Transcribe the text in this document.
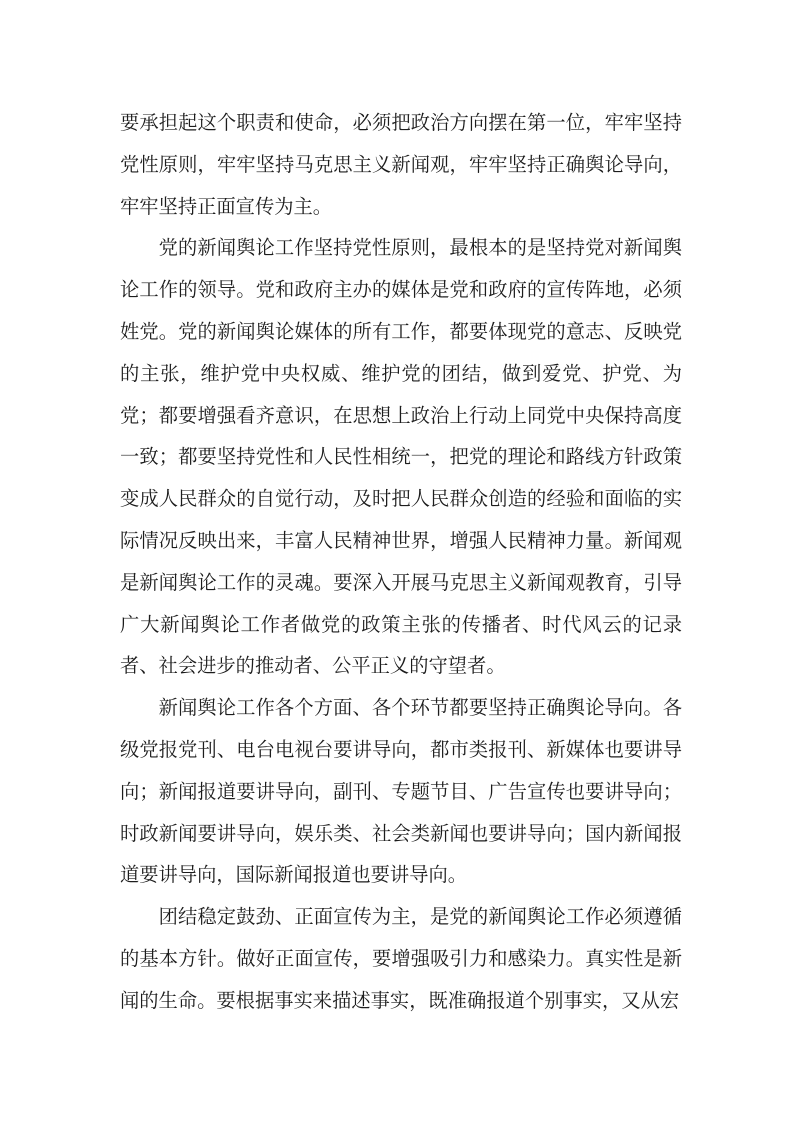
要承担起这个职责和使命，必须把政治方向摆在第一位，牢牢坚持党性原则，牢牢坚持马克思主义新闻观，牢牢坚持正确舆论导向，牢牢坚持正面宣传为主。

党的新闻舆论工作坚持党性原则，最根本的是坚持党对新闻舆论工作的领导。党和政府主办的媒体是党和政府的宣传阵地，必须姓党。党的新闻舆论媒体的所有工作，都要体现党的意志、反映党的主张，维护党中央权威、维护党的团结，做到爱党、护党、为党；都要增强看齐意识，在思想上政治上行动上同党中央保持高度一致；都要坚持党性和人民性相统一，把党的理论和路线方针政策变成人民群众的自觉行动，及时把人民群众创造的经验和面临的实际情况反映出来，丰富人民精神世界，增强人民精神力量。新闻观是新闻舆论工作的灵魂。要深入开展马克思主义新闻观教育，引导广大新闻舆论工作者做党的政策主张的传播者、时代风云的记录者、社会进步的推动者、公平正义的守望者。

新闻舆论工作各个方面、各个环节都要坚持正确舆论导向。各级党报党刊、电台电视台要讲导向，都市类报刊、新媒体也要讲导向；新闻报道要讲导向，副刊、专题节目、广告宣传也要讲导向；时政新闻要讲导向，娱乐类、社会类新闻也要讲导向；国内新闻报道要讲导向，国际新闻报道也要讲导向。

团结稳定鼓劲、正面宣传为主，是党的新闻舆论工作必须遵循的基本方针。做好正面宣传，要增强吸引力和感染力。真实性是新闻的生命。要根据事实来描述事实，既准确报道个别事实，又从宏
